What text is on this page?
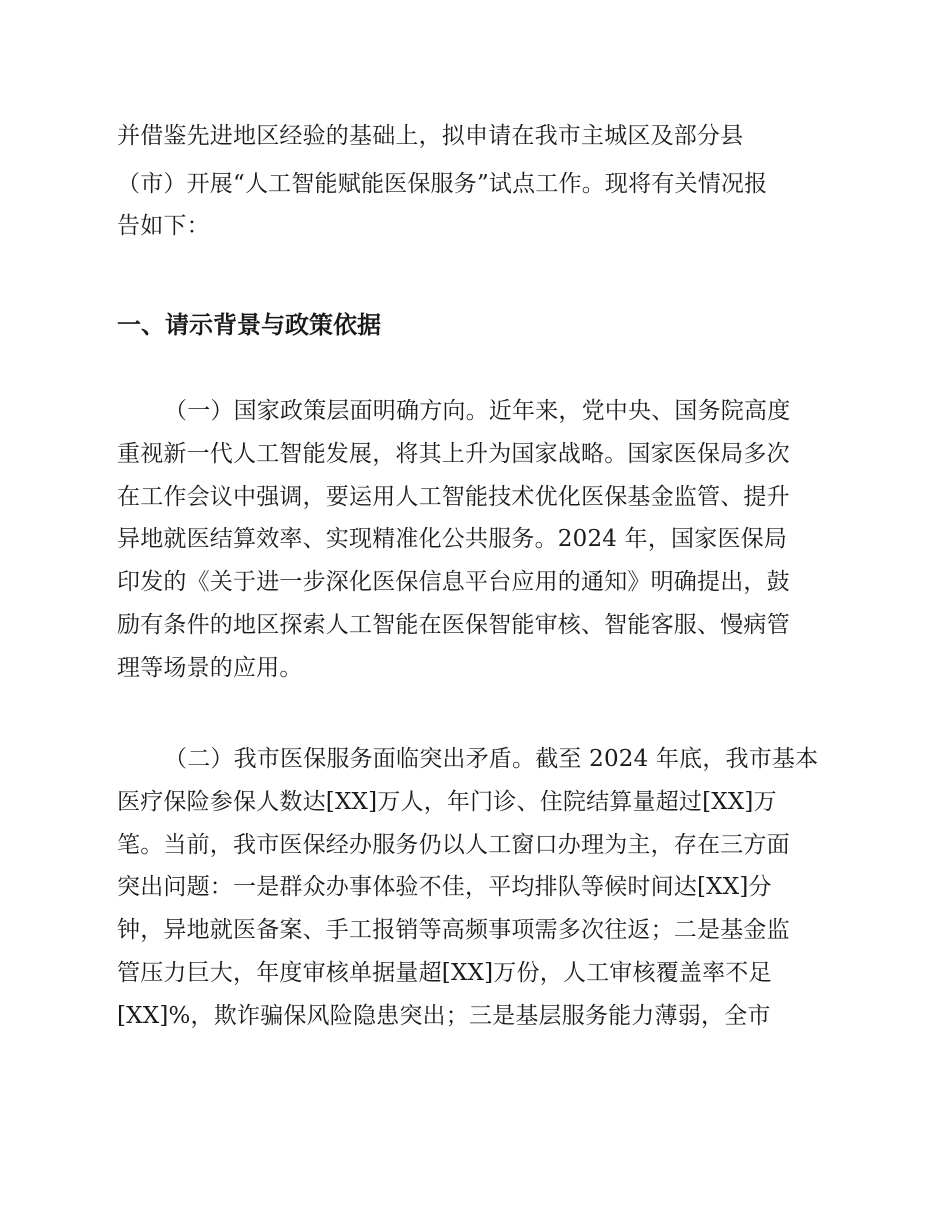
并借鉴先进地区经验的基础上，拟申请在我市主城区及部分县
（市）开展“人工智能赋能医保服务”试点工作。现将有关情况报
告如下：
一、请示背景与政策依据
（一）国家政策层面明确方向。近年来，党中央、国务院高度
重视新一代人工智能发展，将其上升为国家战略。国家医保局多次
在工作会议中强调，要运用人工智能技术优化医保基金监管、提升
异地就医结算效率、实现精准化公共服务。2024 年，国家医保局
印发的《关于进一步深化医保信息平台应用的通知》明确提出，鼓
励有条件的地区探索人工智能在医保智能审核、智能客服、慢病管
理等场景的应用。
（二）我市医保服务面临突出矛盾。截至 2024 年底，我市基本
医疗保险参保人数达[XX]万人，年门诊、住院结算量超过[XX]万
笔。当前，我市医保经办服务仍以人工窗口办理为主，存在三方面
突出问题：一是群众办事体验不佳，平均排队等候时间达[XX]分
钟，异地就医备案、手工报销等高频事项需多次往返；二是基金监
管压力巨大，年度审核单据量超[XX]万份，人工审核覆盖率不足
[XX]%，欺诈骗保风险隐患突出；三是基层服务能力薄弱，全市
